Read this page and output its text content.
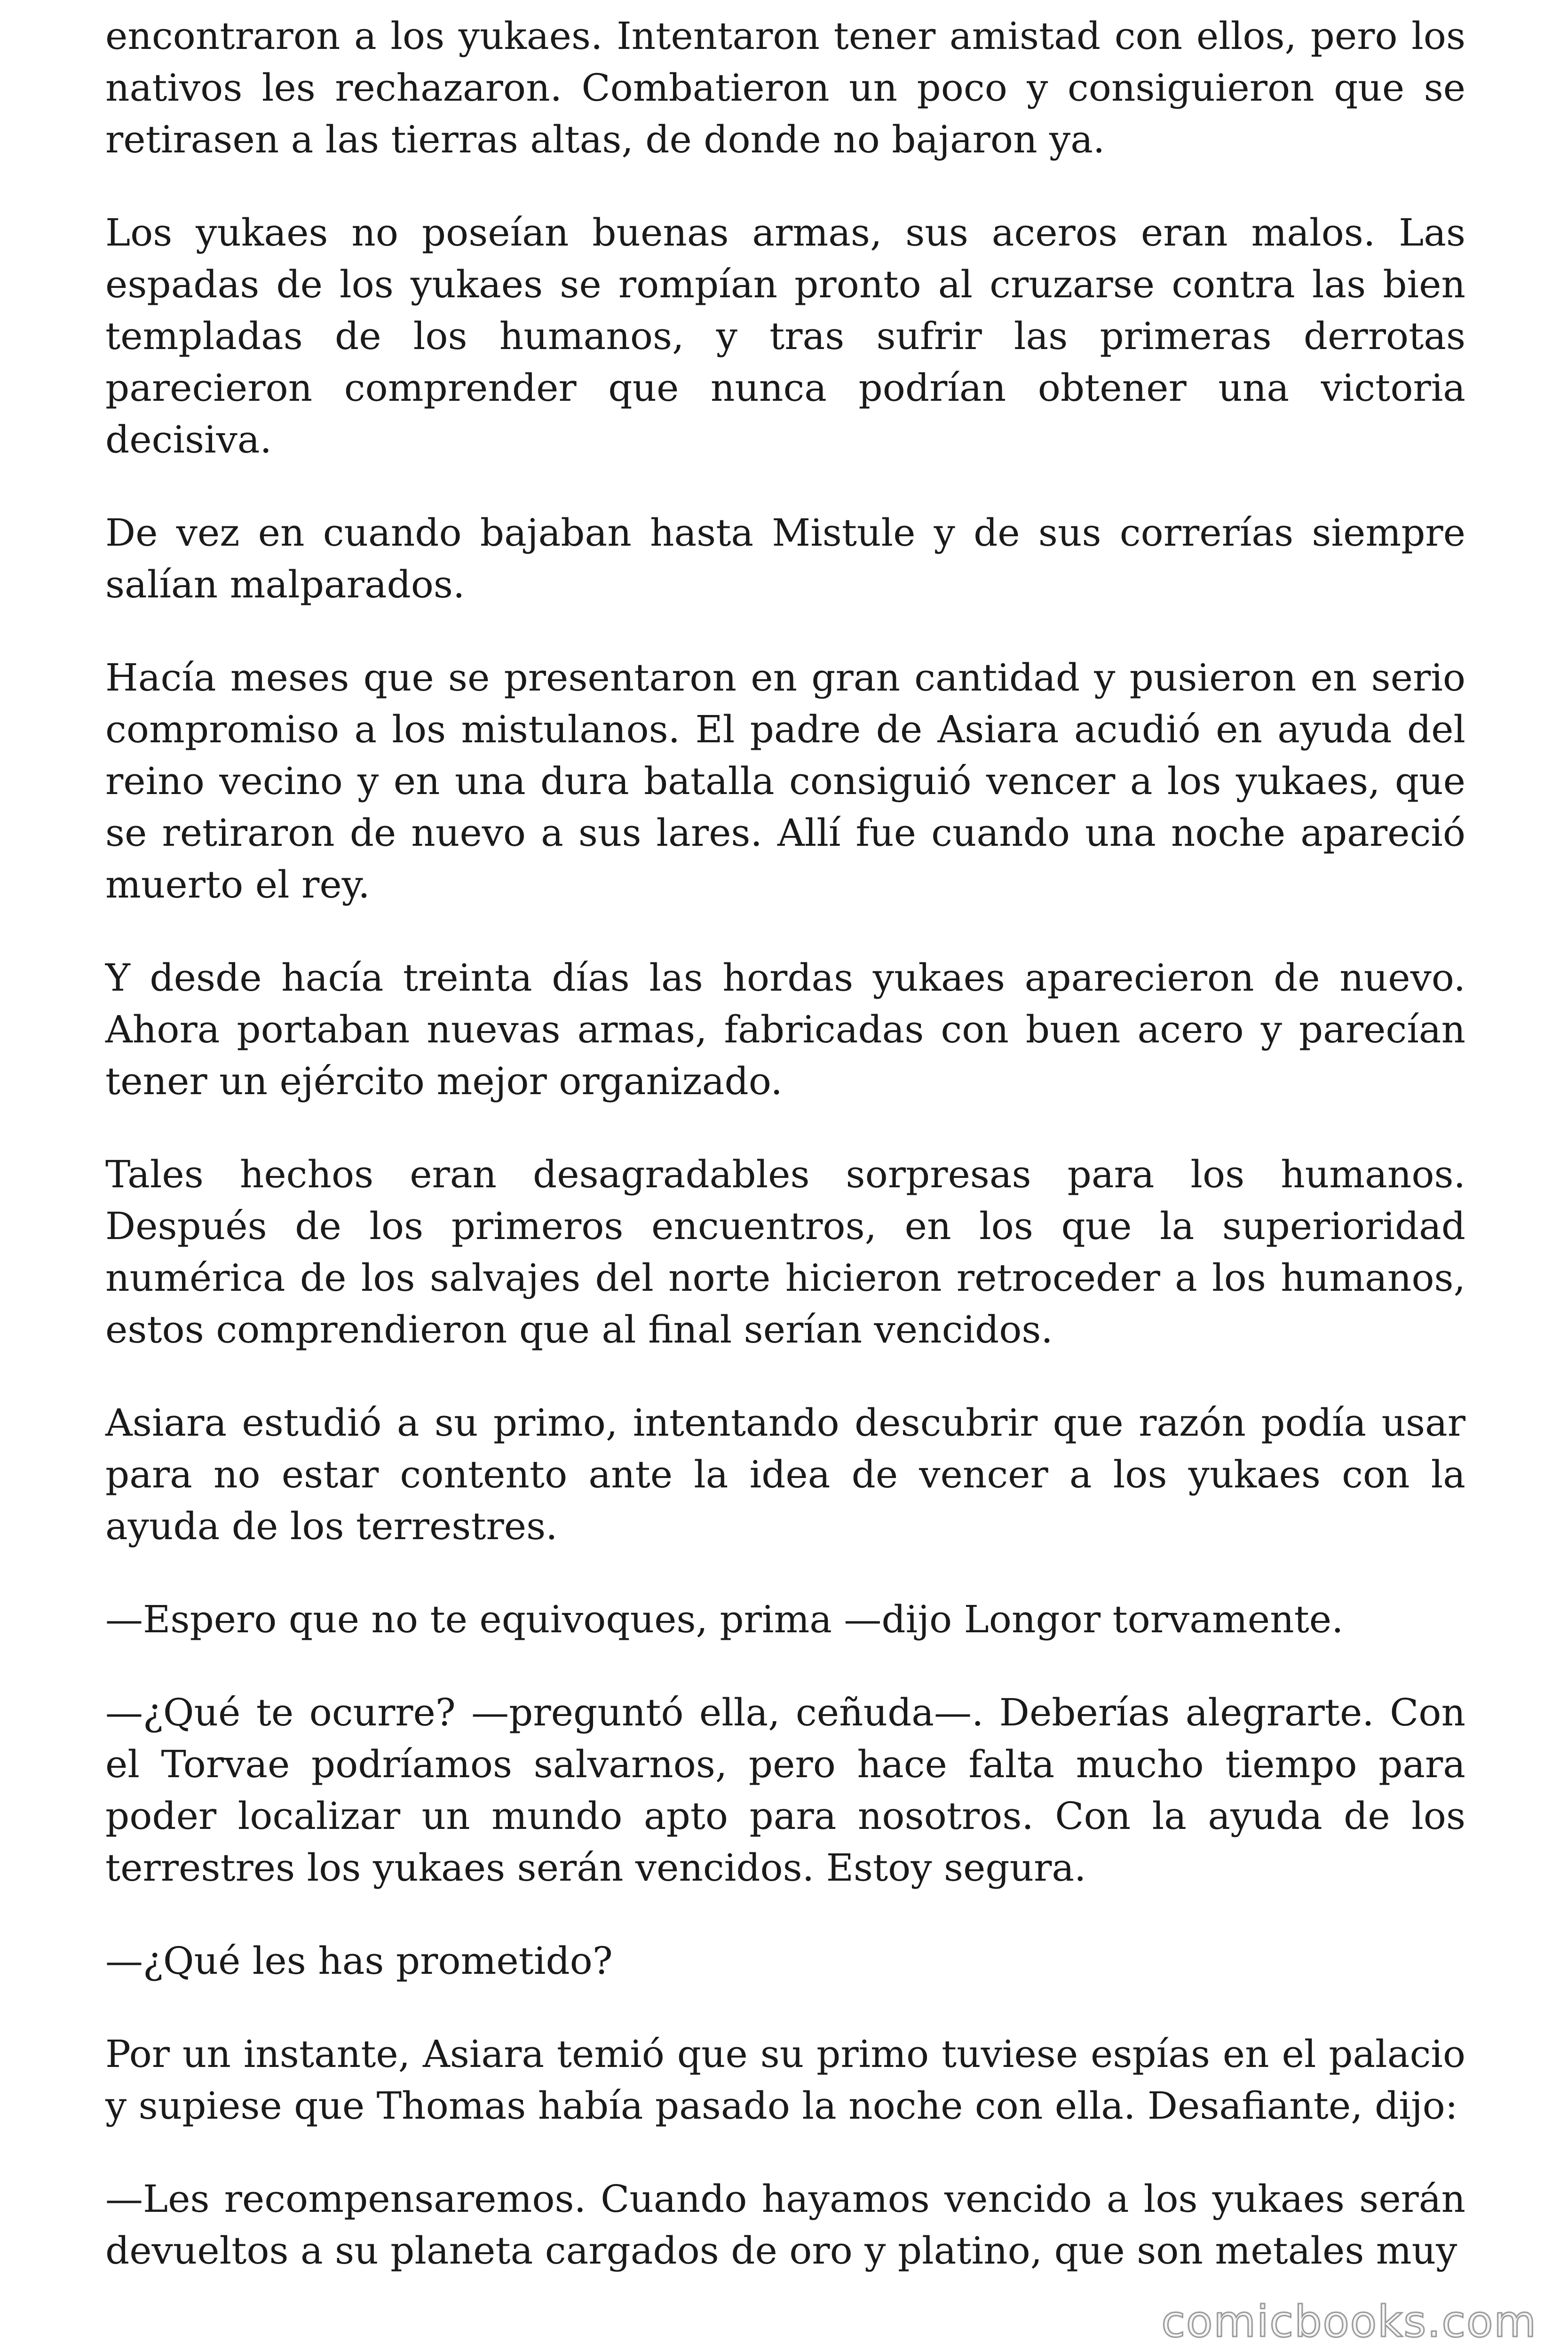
encontraron a los yukaes. Intentaron tener amistad con ellos, pero los nativos les rechazaron. Combatieron un poco y consiguieron que se retirasen a las tierras altas, de donde no bajaron ya.

Los yukaes no poseían buenas armas, sus aceros eran malos. Las espadas de los yukaes se rompían pronto al cruzarse contra las bien templadas de los humanos, y tras sufrir las primeras derrotas parecieron comprender que nunca podrían obtener una victoria decisiva.

De vez en cuando bajaban hasta Mistule y de sus correrías siempre salían malparados.

Hacía meses que se presentaron en gran cantidad y pusieron en serio compromiso a los mistulanos. El padre de Asiara acudió en ayuda del reino vecino y en una dura batalla consiguió vencer a los yukaes, que se retiraron de nuevo a sus lares. Allí fue cuando una noche apareció muerto el rey.

Y desde hacía treinta días las hordas yukaes aparecieron de nuevo. Ahora portaban nuevas armas, fabricadas con buen acero y parecían tener un ejército mejor organizado.

Tales hechos eran desagradables sorpresas para los humanos. Después de los primeros encuentros, en los que la superioridad numérica de los salvajes del norte hicieron retroceder a los humanos, estos comprendieron que al final serían vencidos.

Asiara estudió a su primo, intentando descubrir que razón podía usar para no estar contento ante la idea de vencer a los yukaes con la ayuda de los terrestres.

—Espero que no te equivoques, prima —dijo Longor torvamente.

—¿Qué te ocurre? —preguntó ella, ceñuda—. Deberías alegrarte. Con el Torvae podríamos salvarnos, pero hace falta mucho tiempo para poder localizar un mundo apto para nosotros. Con la ayuda de los terrestres los yukaes serán vencidos. Estoy segura.

—¿Qué les has prometido?

Por un instante, Asiara temió que su primo tuviese espías en el palacio y supiese que Thomas había pasado la noche con ella. Desafiante, dijo:

—Les recompensaremos. Cuando hayamos vencido a los yukaes serán devueltos a su planeta cargados de oro y platino, que son metales muy

comicbooks.com
